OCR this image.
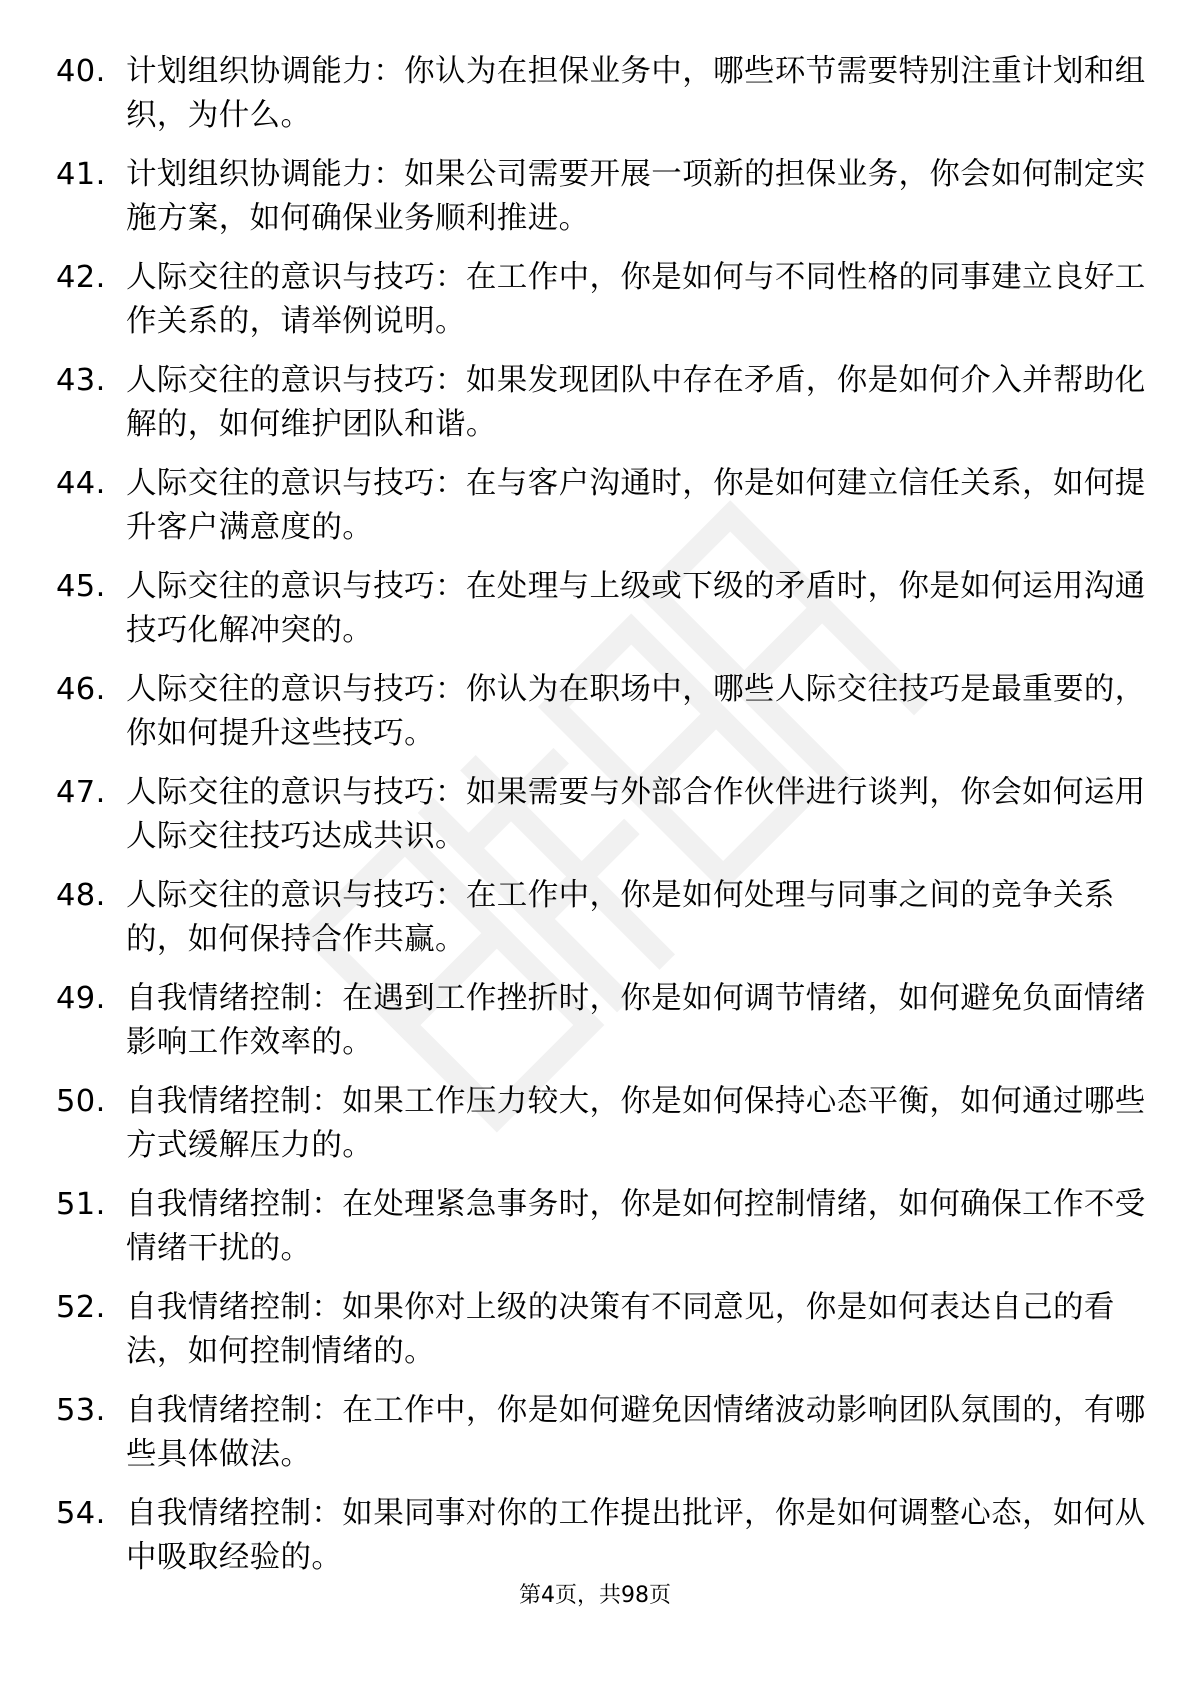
40. 计划组织协调能力：你认为在担保业务中，哪些环节需要特别注重计划和组织，为什么。
41. 计划组织协调能力：如果公司需要开展一项新的担保业务，你会如何制定实施方案，如何确保业务顺利推进。
42. 人际交往的意识与技巧：在工作中，你是如何与不同性格的同事建立良好工作关系的，请举例说明。
43. 人际交往的意识与技巧：如果发现团队中存在矛盾，你是如何介入并帮助化解的，如何维护团队和谐。
44. 人际交往的意识与技巧：在与客户沟通时，你是如何建立信任关系，如何提升客户满意度的。
45. 人际交往的意识与技巧：在处理与上级或下级的矛盾时，你是如何运用沟通技巧化解冲突的。
46. 人际交往的意识与技巧：你认为在职场中，哪些人际交往技巧是最重要的，你如何提升这些技巧。
47. 人际交往的意识与技巧：如果需要与外部合作伙伴进行谈判，你会如何运用人际交往技巧达成共识。
48. 人际交往的意识与技巧：在工作中，你是如何处理与同事之间的竞争关系的，如何保持合作共赢。
49. 自我情绪控制：在遇到工作挫折时，你是如何调节情绪，如何避免负面情绪影响工作效率的。
50. 自我情绪控制：如果工作压力较大，你是如何保持心态平衡，如何通过哪些方式缓解压力的。
51. 自我情绪控制：在处理紧急事务时，你是如何控制情绪，如何确保工作不受情绪干扰的。
52. 自我情绪控制：如果你对上级的决策有不同意见，你是如何表达自己的看法，如何控制情绪的。
53. 自我情绪控制：在工作中，你是如何避免因情绪波动影响团队氛围的，有哪些具体做法。
54. 自我情绪控制：如果同事对你的工作提出批评，你是如何调整心态，如何从中吸取经验的。
第4页，共98页
